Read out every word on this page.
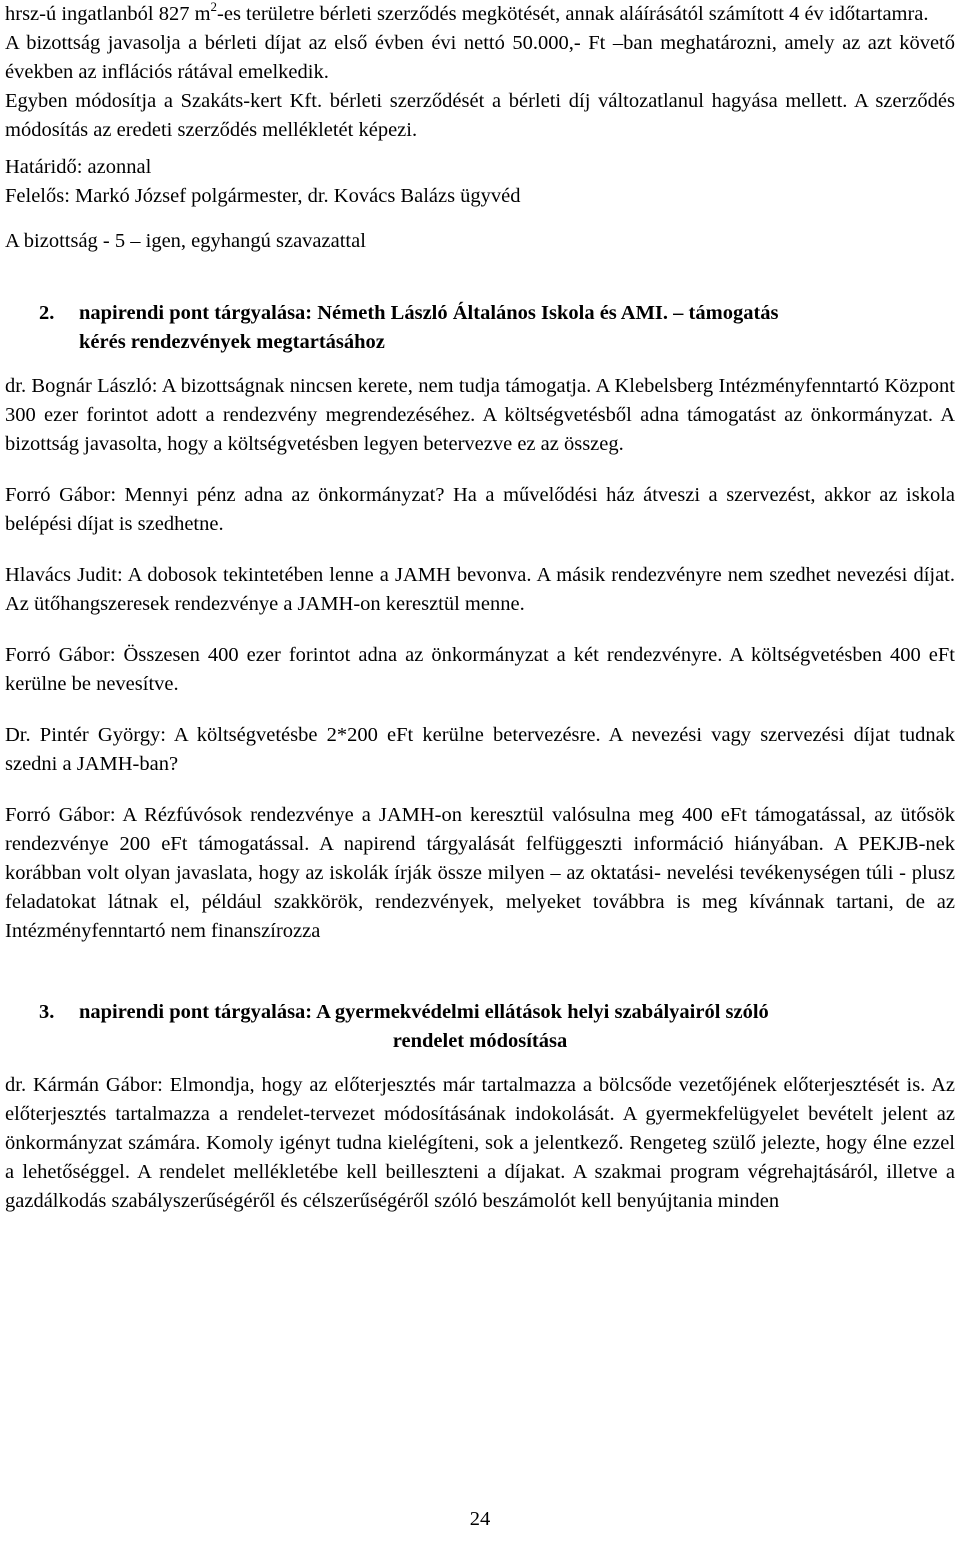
hrsz-ú ingatlanból 827 $m^2-es$ területre bérleti szerződés megkötését, annak aláírásától számított 4 év időtartamra.

A bizottság javasolja a bérleti díjat az első évben évi nettó 50.000,- Ft –ban meghatározni, amely az azt követő években az inflációs rátával emelkedik.

Egyben módosítja a Szakáts-kert Kft. bérleti szerződését a bérleti díj változatlanul hagyása mellett. A szerződés módosítás az eredeti szerződés mellékletét képezi.

Határidő: azonnal

Felelős: Markó József polgármester, dr. Kovács Balázs ügyvéd

A bizottság - 5 – igen, egyhangú szavazattal

2. napirendi pont tárgyalása: Németh László Általános Iskola és AMI. – támogatás
kérés rendezvények megtartásához

dr. Bognár László: A bizottságnak nincsen kerete, nem tudja támogatja. A Klebelsberg Intézményfenntartó Központ 300 ezer forintot adott a rendezvény megrendezéséhez. A költségvetésből adna támogatást az önkormányzat. A bizottság javasolta, hogy a költségvetésben legyen betervezve ez az összeg.

Forró Gábor: Mennyi pénz adna az önkormányzat? Ha a művelődési ház átveszi a szervezést, akkor az iskola belépési díjat is szedhetne.

Hlavács Judit: A dobosok tekintetében lenne a JAMH bevonva. A másik rendezvényre nem szedhet nevezési díjat. Az ütőhangszeresek rendezvénye a JAMH-on keresztül menne.

Forró Gábor: Összesen 400 ezer forintot adna az önkormányzat a két rendezvényre. A költségvetésben 400 eFt kerülne be nevesítve.

Dr. Pintér György: A költségvetésbe 2*200 eFt kerülne betervezésre. A nevezési vagy szervezési díjat tudnak szedni a JAMH-ban?

Forró Gábor: A Rézfúvósok rendezvénye a JAMH-on keresztül valósulna meg 400 eFt támogatással, az ütősök rendezvénye 200 eFt támogatással. A napirend tárgyalását felfüggeszti információ hiányában. A PEKJB-nek korábban volt olyan javaslata, hogy az iskolák írják össze milyen – az oktatási- nevelési tevékenységen túli - plusz feladatokat látnak el, például szakkörök, rendezvények, melyeket továbbra is meg kívánnak tartani, de az Intézményfenntartó nem finanszírozza

3. napirendi pont tárgyalása: A gyermekvédelmi ellátások helyi szabályairól szóló
rendelet módosítása

dr. Kármán Gábor: Elmondja, hogy az előterjesztés már tartalmazza a bölcsőde vezetőjének előterjesztését is. Az előterjesztés tartalmazza a rendelet-tervezet módosításának indokolását. A gyermekfelügyelet bevételt jelent az önkormányzat számára. Komoly igényt tudna kielégíteni, sok a jelentkező. Rengeteg szülő jelezte, hogy élne ezzel a lehetőséggel. A rendelet mellékletébe kell beilleszteni a díjakat. A szakmai program végrehajtásáról, illetve a gazdálkodás szabályszerűségéről és célszerűségéről szóló beszámolót kell benyújtania minden

24
